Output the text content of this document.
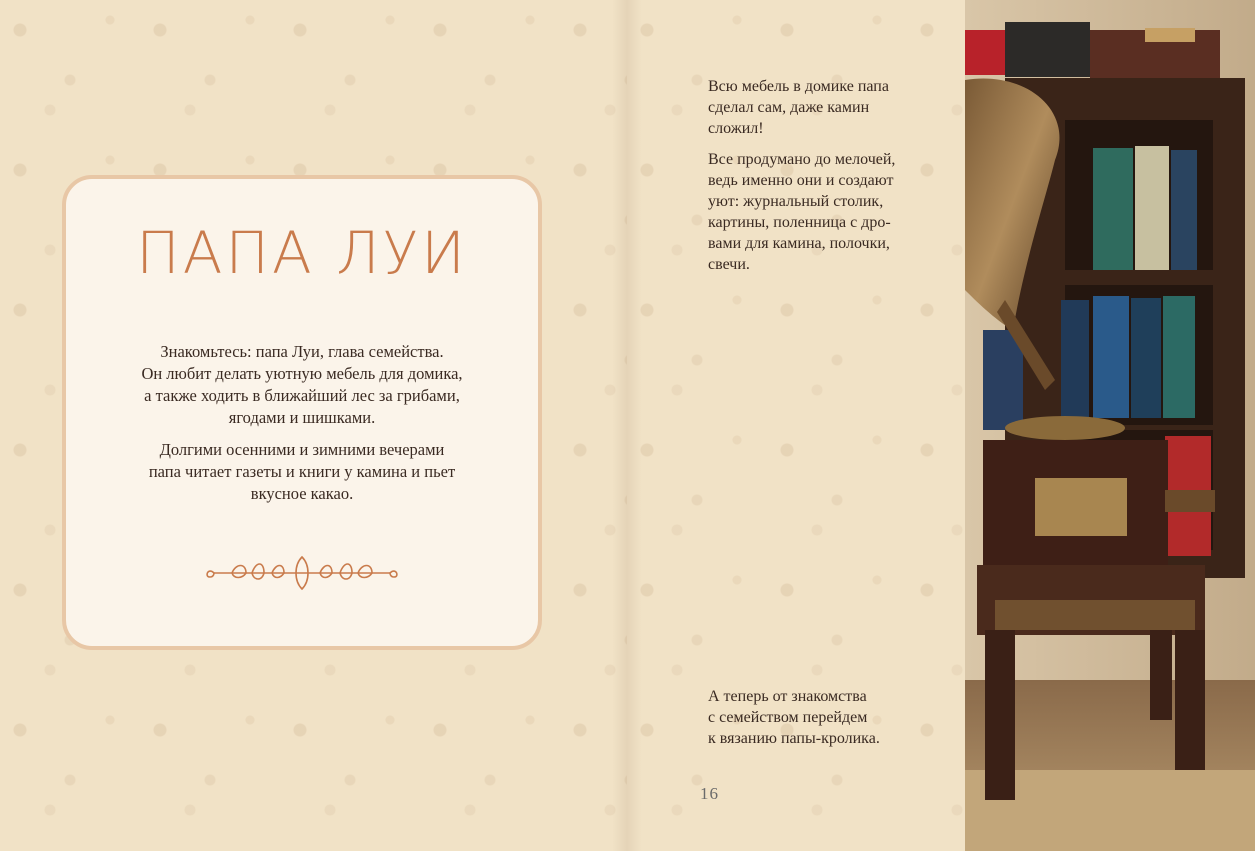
ПАПА ЛУИ

Знакомьтесь: папа Луи, глава семейства.
Он любит делать уютную мебель для домика,
а также ходить в ближайший лес за грибами,
ягодами и шишками.

Долгими осенними и зимними вечерами
папа читает газеты и книги у камина и пьет
вкусное какао.

Всю мебель в домике папа
сделал сам, даже камин
сложил!

Все продумано до мелочей,
ведь именно они и создают
уют: журнальный столик,
картины, поленница с дро-
вами для камина, полочки,
свечи.

А теперь от знакомства
с семейством перейдем
к вязанию папы-кролика.

16
